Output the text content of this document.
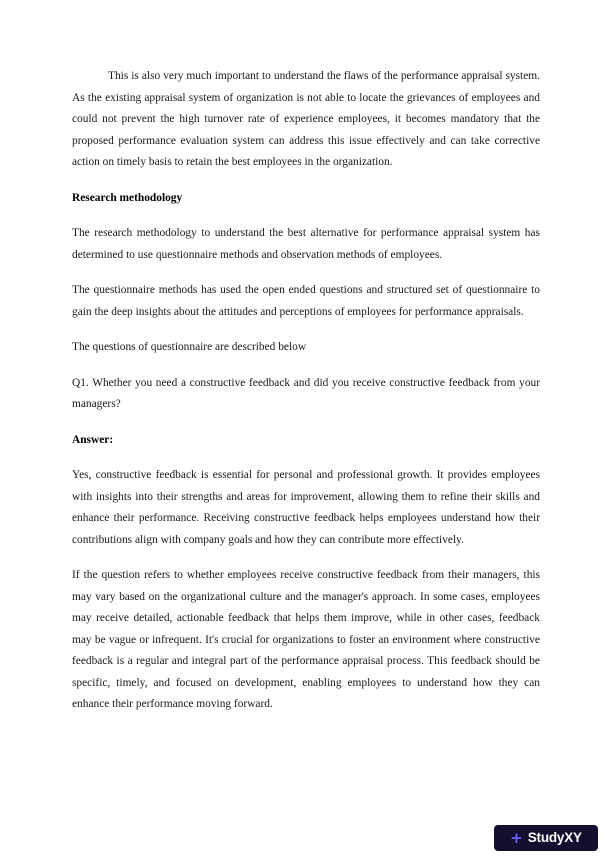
This is also very much important to understand the flaws of the performance appraisal system. As the existing appraisal system of organization is not able to locate the grievances of employees and could not prevent the high turnover rate of experience employees, it becomes mandatory that the proposed performance evaluation system can address this issue effectively and can take corrective action on timely basis to retain the best employees in the organization.

Research methodology

The research methodology to understand the best alternative for performance appraisal system has determined to use questionnaire methods and observation methods of employees.

The questionnaire methods has used the open ended questions and structured set of questionnaire to gain the deep insights about the attitudes and perceptions of employees for performance appraisals.

The questions of questionnaire are described below

Q1. Whether you need a constructive feedback and did you receive constructive feedback from your managers?

Answer:

Yes, constructive feedback is essential for personal and professional growth. It provides employees with insights into their strengths and areas for improvement, allowing them to refine their skills and enhance their performance. Receiving constructive feedback helps employees understand how their contributions align with company goals and how they can contribute more effectively.

If the question refers to whether employees receive constructive feedback from their managers, this may vary based on the organizational culture and the manager's approach. In some cases, employees may receive detailed, actionable feedback that helps them improve, while in other cases, feedback may be vague or infrequent. It's crucial for organizations to foster an environment where constructive feedback is a regular and integral part of the performance appraisal process. This feedback should be specific, timely, and focused on development, enabling employees to understand how they can enhance their performance moving forward.

+ StudyXY
